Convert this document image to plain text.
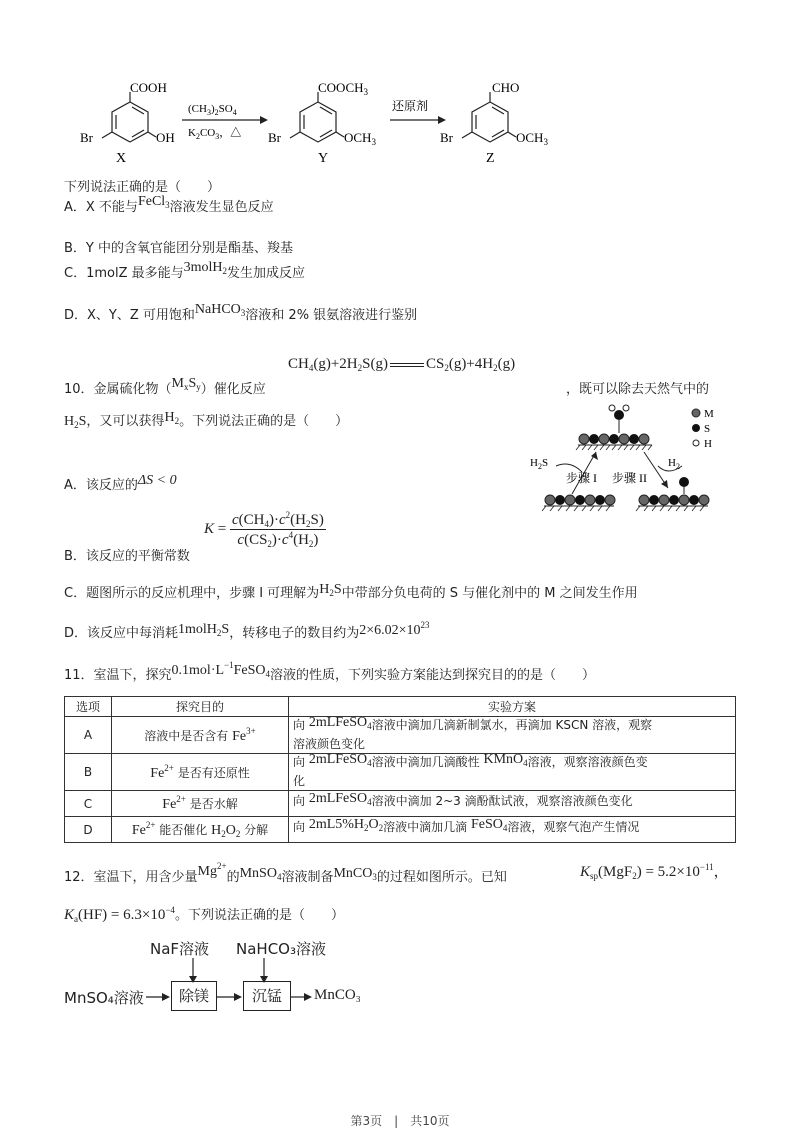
COOH
OH
Br
X
$(CH_3)_2SO_4$
$K_2CO_3$，△
$COOCH_3$
$OCH_3$
Br
Y
还原剂
CHO
$OCH_3$
Br
Z
下列说法正确的是（　　）
A．X 不能与FeCl$_3$溶液发生显色反应
B．Y 中的含氧官能团分别是酯基、羧基
C．1molZ 最多能与3molH$_2$发生加成反应
D．X、Y、Z 可用饱和NaHCO$_3$溶液和 2% 银氨溶液进行鉴别
$CH_4(g)+2H_2S(g)$	$CS_2(g)+4H_2(g)$
10．金属硫化物$(M_xS_y)$催化反应	，既可以除去天然气中的
$H_2S$，又可以获得$H_2$。下列说法正确的是（　　）	M
S
H
$H_2S$	$H_2$
步骤 I 步骤 II
A．该反应的ΔS < 0
$K = \frac{c(CH_4)\cdot c^2(H_2S)}{c(CS_2)\cdot c^4(H_2)}$
B．该反应的平衡常数
C．题图所示的反应机理中，步骤 I 可理解为$H_2S$中带部分负电荷的 S 与催化剂中的 M 之间发生作用
D．该反应中每消耗1molH$_2$S，转移电子的数目约为$2\times 6.02\times 10^{23}$
11．室温下，探究$0.1mol\cdot L^{-1}FeSO_4$溶液的性质，下列实验方案能达到探究目的的是（　　）
选项	探究目的	实验方案
A	溶液中是否含有 $Fe^{3+}$	向 2mLFeSO$_4$溶液中滴加几滴新制氯水，再滴加 KSCN 溶液，观察
溶液颜色变化
B	$Fe^{2+}$ 是否有还原性	向 2mLFeSO$_4$溶液中滴加几滴酸性 KMnO$_4$溶液，观察溶液颜色变
化
C	$Fe^{2+}$ 是否水解	向 2mLFeSO$_4$溶液中滴加 2~3 滴酚酞试液，观察溶液颜色变化
D	$Fe^{2+}$ 能否催化 $H_2O_2$ 分解	向 $2mL5\%H_2O_2$溶液中滴加几滴 FeSO$_4$溶液，观察气泡产生情况
12．室温下，用含少量$Mg^{2+}$的MnSO$_4$溶液制备MnCO$_3$的过程如图所示。已知	$K_{sp}(MgF_2) = 5.2\times 10^{-11}$，
$K_a(HF) = 6.3\times 10^{-4}$。下列说法正确的是（　　）
NaF溶液 NaHCO₃溶液
MnSO₄溶液	除镁	沉锰	MnCO₃
第3页　|　共10页
